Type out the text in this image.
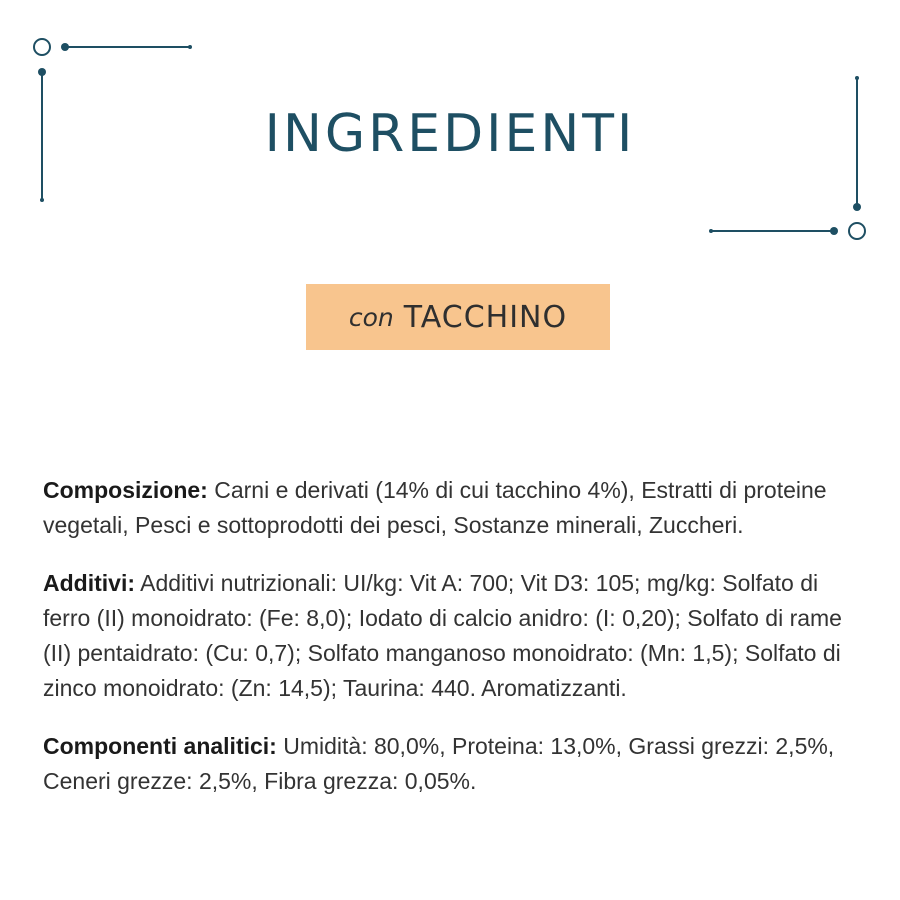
INGREDIENTI
con TACCHINO

Composizione: Carni e derivati (14% di cui tacchino 4%), Estratti di proteine vegetali, Pesci e sottoprodotti dei pesci, Sostanze minerali, Zuccheri.

Additivi: Additivi nutrizionali: UI/kg: Vit A: 700; Vit D3: 105; mg/kg: Solfato di ferro (II) monoidrato: (Fe: 8,0); Iodato di calcio anidro: (I: 0,20); Solfato di rame (II) pentaidrato: (Cu: 0,7); Solfato manganoso monoidrato: (Mn: 1,5); Solfato di zinco monoidrato: (Zn: 14,5); Taurina: 440. Aromatizzanti.

Componenti analitici: Umidità: 80,0%, Proteina: 13,0%, Grassi grezzi: 2,5%, Ceneri grezze: 2,5%, Fibra grezza: 0,05%.
